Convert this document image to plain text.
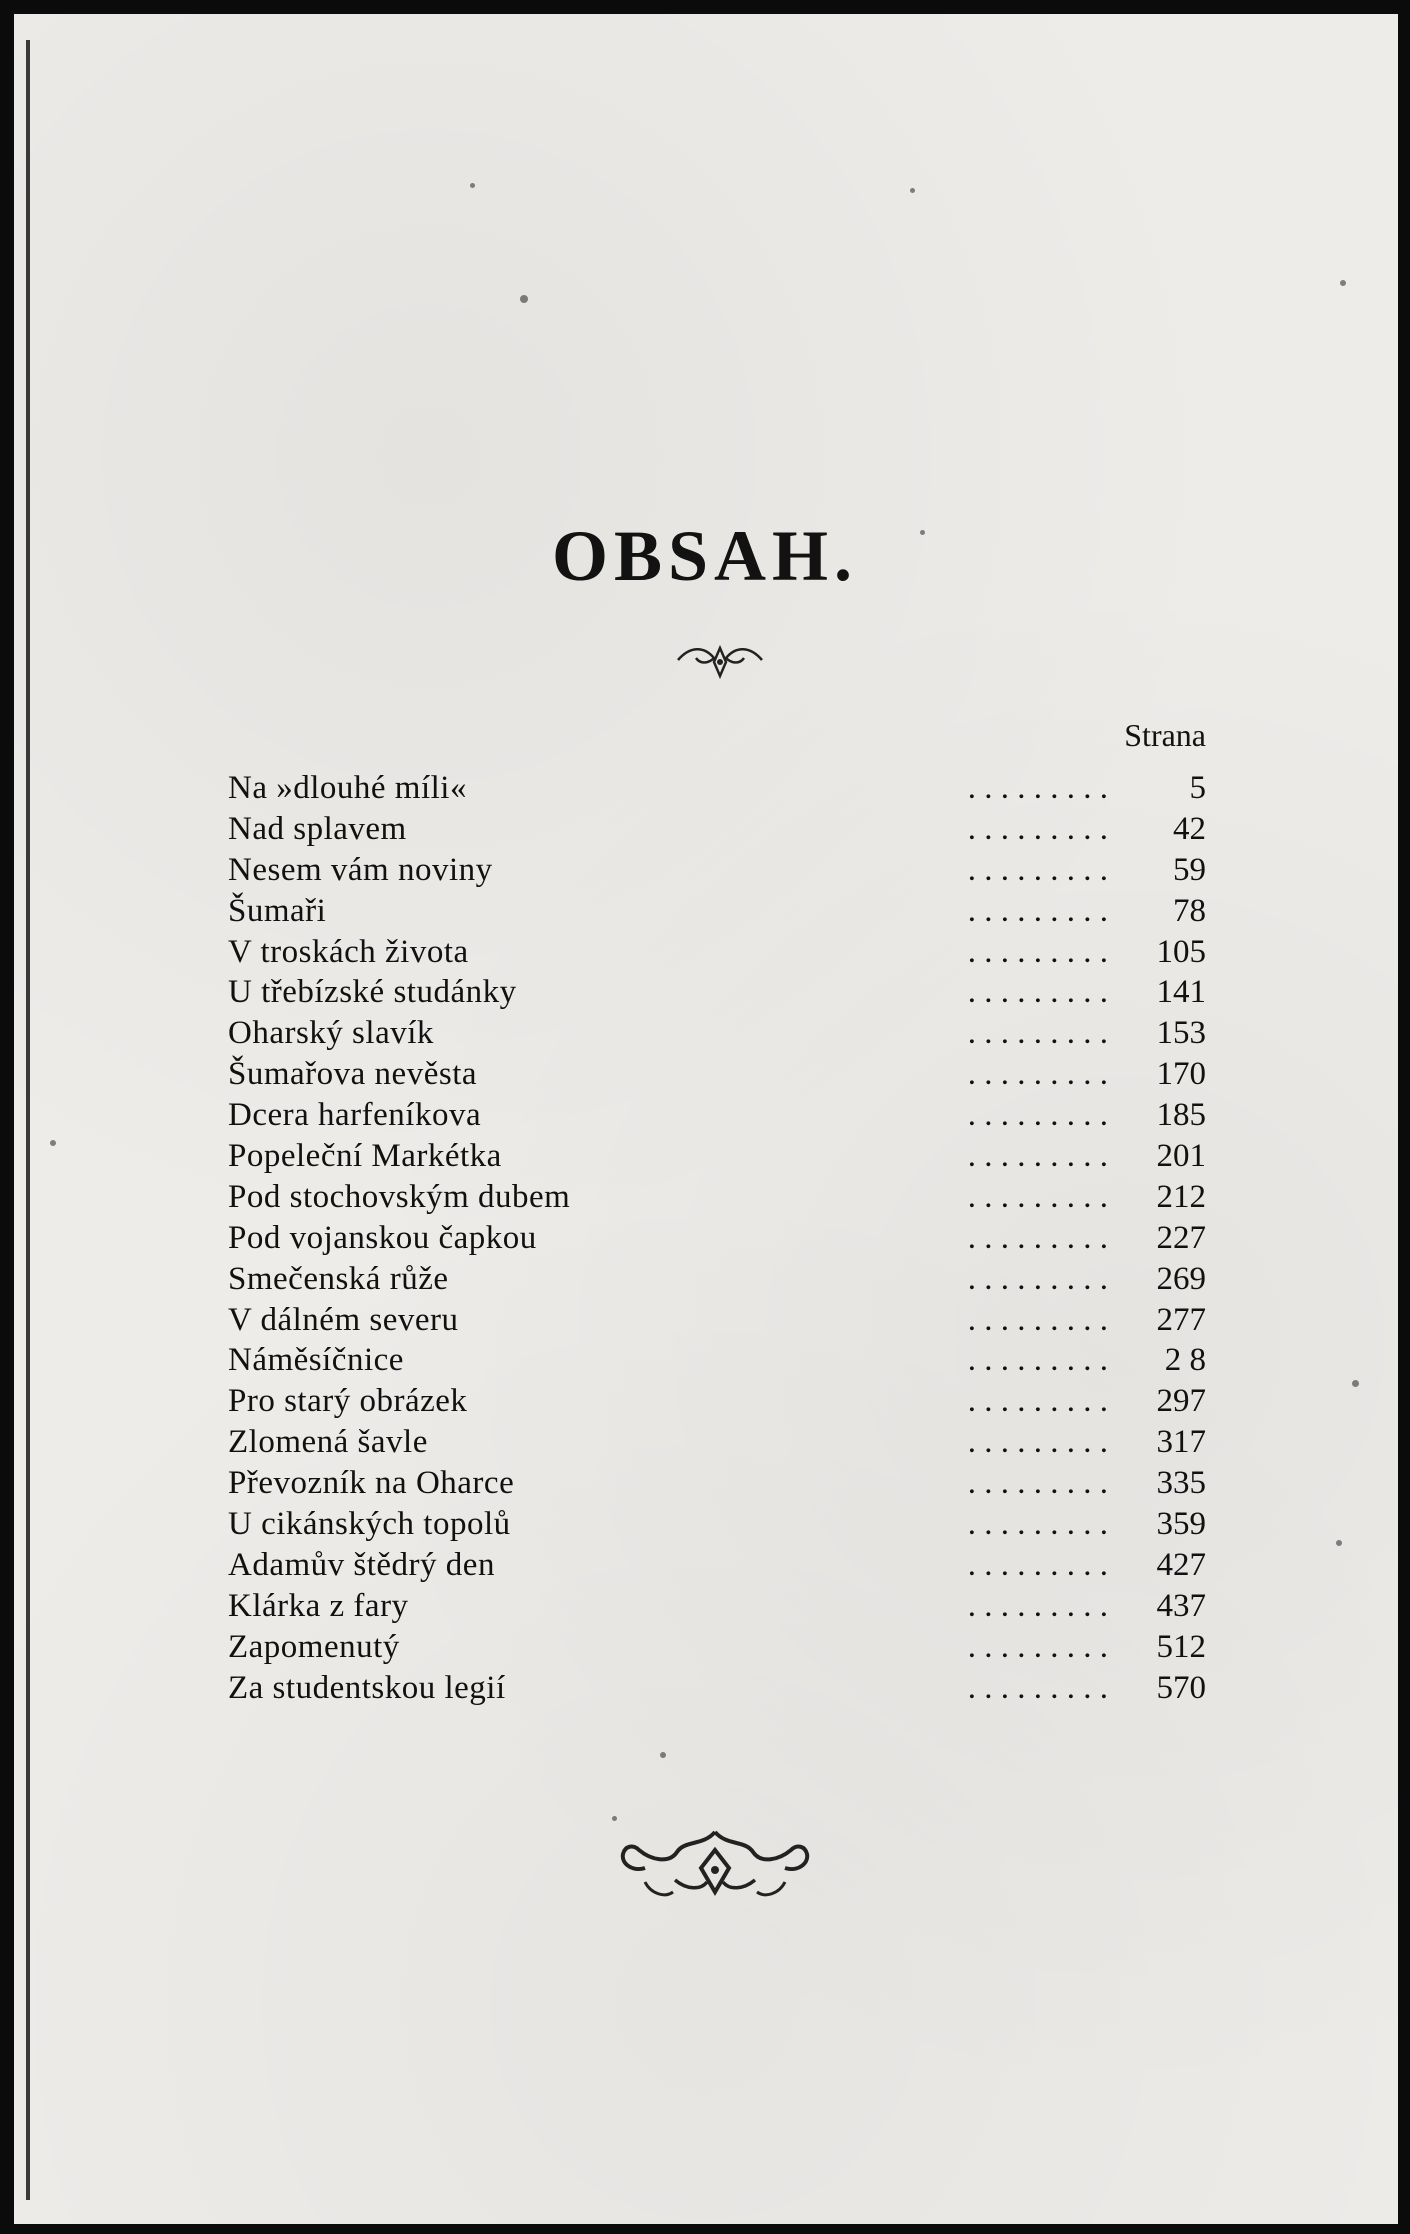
OBSAH.
Strana
Na »dlouhé míli«	. . . . . . . . .	5
Nad splavem	. . . . . . . . .	42
Nesem vám noviny	. . . . . . . . .	59
Šumaři	. . . . . . . . .	78
V troskách života	. . . . . . . . .	105
U třebízské studánky	. . . . . . . . .	141
Oharský slavík	. . . . . . . . .	153
Šumařova nevěsta	. . . . . . . . .	170
Dcera harfeníkova	. . . . . . . . .	185
Popeleční Markétka	. . . . . . . . .	201
Pod stochovským dubem	. . . . . . . . .	212
Pod vojanskou čapkou	. . . . . . . . .	227
Smečenská růže	. . . . . . . . .	269
V dálném severu	. . . . . . . . .	277
Náměsíčnice	. . . . . . . . .	2 8
Pro starý obrázek	. . . . . . . . .	297
Zlomená šavle	. . . . . . . . .	317
Převozník na Oharce	. . . . . . . . .	335
U cikánských topolů	. . . . . . . . .	359
Adamův štědrý den	. . . . . . . . .	427
Klárka z fary	. . . . . . . . .	437
Zapomenutý	. . . . . . . . .	512
Za studentskou legií	. . . . . . . . .	570
